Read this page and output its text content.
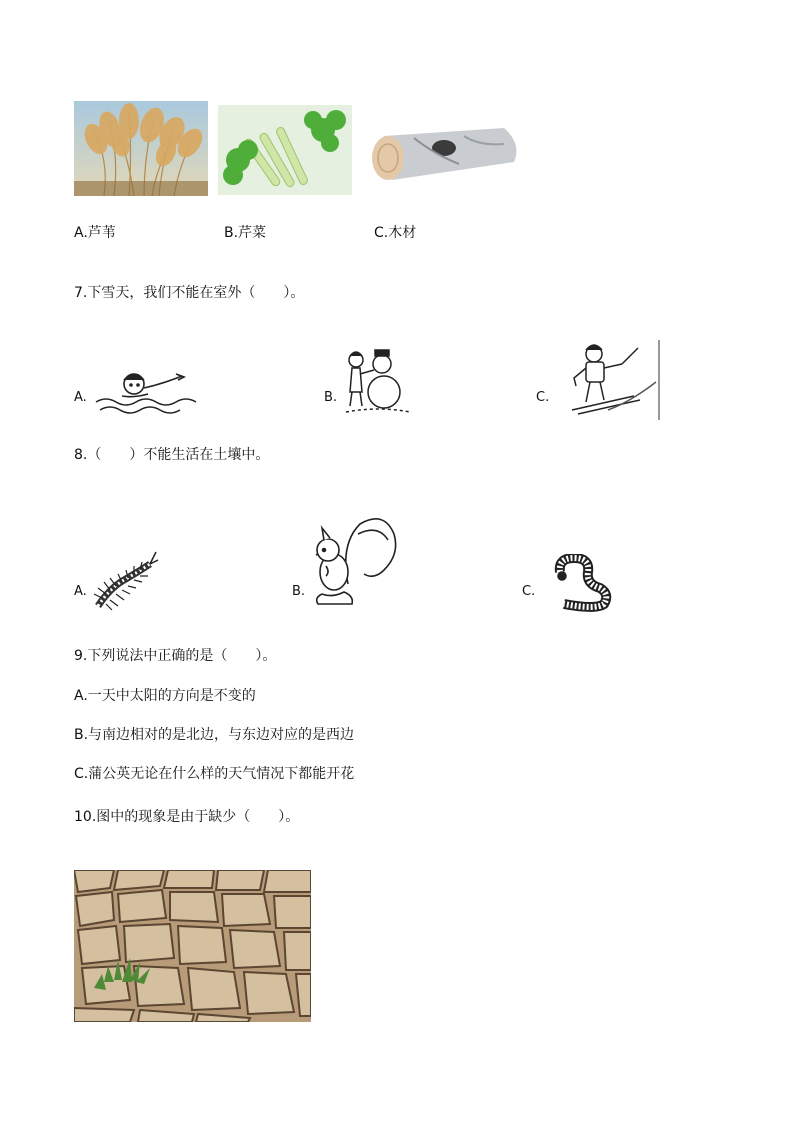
A.芦苇	B.芹菜	C.木材
7.下雪天，我们不能在室外（　　）。
A.	B.	C.
8.（　　）不能生活在土壤中。
A.	B.	C.
9.下列说法中正确的是（　　）。
A.一天中太阳的方向是不变的
B.与南边相对的是北边，与东边对应的是西边
C.蒲公英无论在什么样的天气情况下都能开花
10.图中的现象是由于缺少（　　）。
